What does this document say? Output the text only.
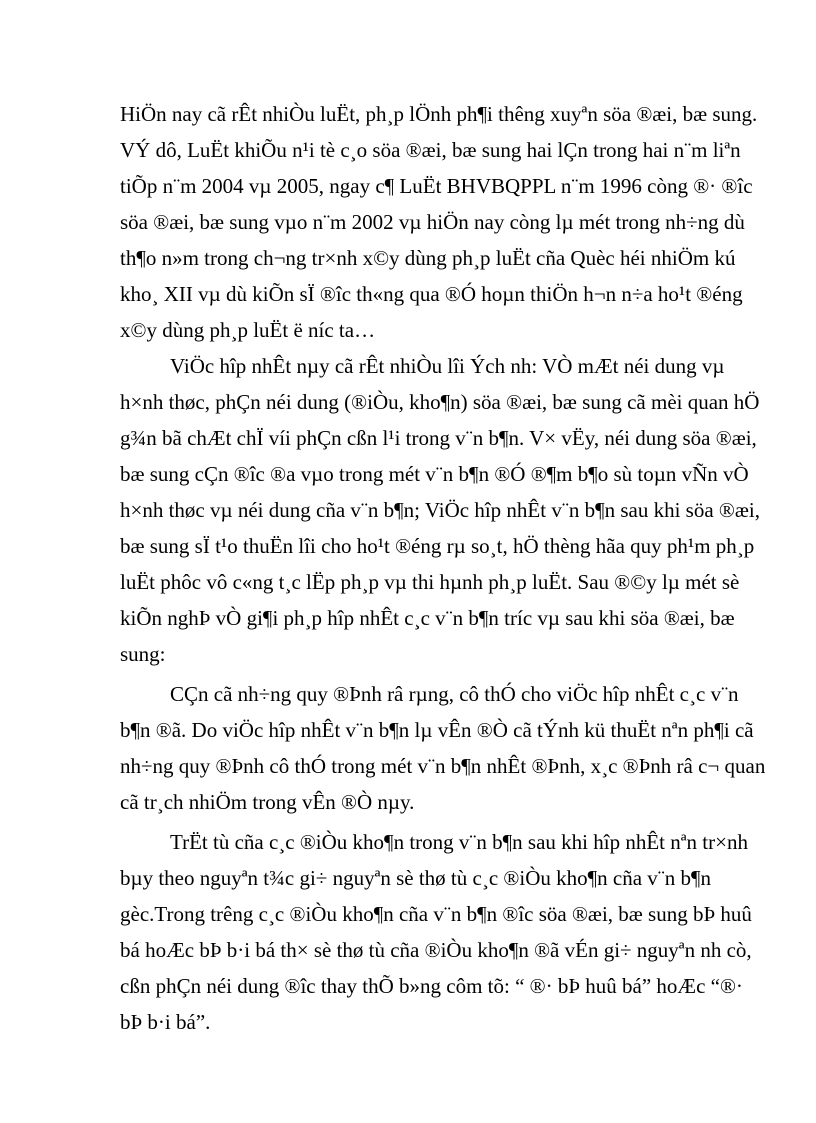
HiÖn nay cã rÊt nhiÒu luËt, ph¸p lÖnh ph¶i thêng xuyªn söa ®æi, bæ sung.
VÝ dô, LuËt khiÕu n¹i tè c¸o söa ®æi, bæ sung hai lÇn trong hai n¨m liªn
tiÕp n¨m 2004 vµ 2005, ngay c¶ LuËt BHVBQPPL n¨m 1996 còng ®· ®îc
söa ®æi, bæ sung vµo n¨m 2002 vµ hiÖn nay còng lµ mét trong nh÷ng dù
th¶o n»m trong ch¬ng tr×nh x©y dùng ph¸p luËt cña Quèc héi nhiÖm kú
kho¸ XII vµ dù kiÕn sÏ ®îc th«ng qua ®Ó hoµn thiÖn h¬n n÷a ho¹t ®éng
x©y dùng ph¸p luËt ë níc ta…
ViÖc hîp nhÊt nµy cã rÊt nhiÒu lîi Ých nh: VÒ mÆt néi dung vµ
h×nh thøc, phÇn néi dung (®iÒu, kho¶n) söa ®æi, bæ sung cã mèi quan hÖ
g¾n bã chÆt chÏ víi phÇn cßn l¹i trong v¨n b¶n. V× vËy, néi dung söa ®æi,
bæ sung cÇn ®îc ®a vµo trong mét v¨n b¶n ®Ó ®¶m b¶o sù toµn vÑn vÒ
h×nh thøc vµ néi dung cña v¨n b¶n; ViÖc hîp nhÊt v¨n b¶n sau khi söa ®æi,
bæ sung sÏ t¹o thuËn lîi cho ho¹t ®éng rµ so¸t, hÖ thèng hãa quy ph¹m ph¸p
luËt phôc vô c«ng t¸c lËp ph¸p vµ thi hµnh ph¸p luËt. Sau ®©y lµ mét sè
kiÕn nghÞ vÒ gi¶i ph¸p hîp nhÊt c¸c v¨n b¶n tríc vµ sau khi söa ®æi, bæ
sung:
CÇn cã nh÷ng quy ®Þnh râ rµng, cô thÓ cho viÖc hîp nhÊt c¸c v¨n
b¶n ®ã. Do viÖc hîp nhÊt v¨n b¶n lµ vÊn ®Ò cã tÝnh kü thuËt nªn ph¶i cã
nh÷ng quy ®Þnh cô thÓ trong mét v¨n b¶n nhÊt ®Þnh, x¸c ®Þnh râ c¬ quan
cã tr¸ch nhiÖm trong vÊn ®Ò nµy.
TrËt tù cña c¸c ®iÒu kho¶n trong v¨n b¶n sau khi hîp nhÊt nªn tr×nh
bµy theo nguyªn t¾c gi÷ nguyªn sè thø tù c¸c ®iÒu kho¶n cña v¨n b¶n
gèc.Trong trêng c¸c ®iÒu kho¶n cña v¨n b¶n ®îc söa ®æi, bæ sung bÞ huû
bá hoÆc bÞ b·i bá th× sè thø tù cña ®iÒu kho¶n ®ã vÉn gi÷ nguyªn nh cò,
cßn phÇn néi dung ®îc thay thÕ b»ng côm tõ: “ ®· bÞ huû bá” hoÆc “®·
bÞ b·i bá”.
